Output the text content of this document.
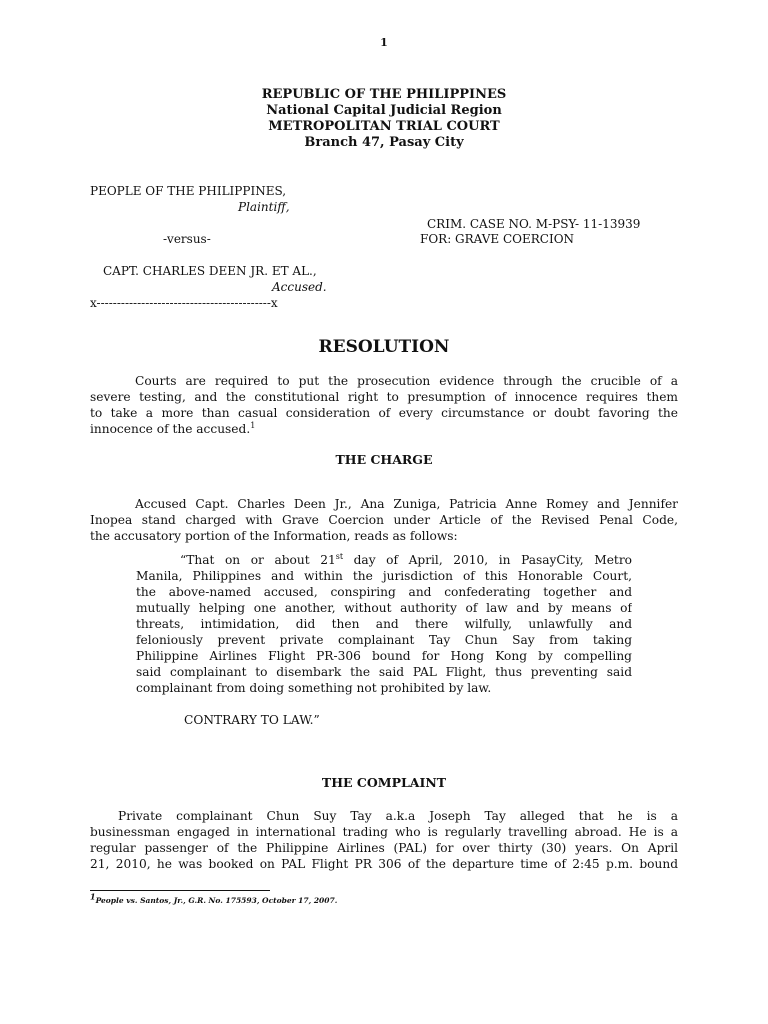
1
REPUBLIC OF THE PHILIPPINES
National Capital Judicial Region
METROPOLITAN TRIAL COURT
Branch 47, Pasay City
PEOPLE OF THE PHILIPPINES,
Plaintiff,
CRIM. CASE NO. M-PSY- 11-13939
-versus-	FOR: GRAVE COERCION
CAPT. CHARLES DEEN JR. ET AL.,
Accused.
x-------------------------------------------x
RESOLUTION
Courts are required to put the prosecution evidence through the crucible of a
severe testing, and the constitutional right to presumption of innocence requires them
to take a more than casual consideration of every circumstance or doubt favoring the
innocence of the accused.$^1$
THE CHARGE
Accused Capt. Charles Deen Jr., Ana Zuniga, Patricia Anne Romey and Jennifer
Inopea stand charged with Grave Coercion under Article of the Revised Penal Code,
the accusatory portion of the Information, reads as follows:
“That on or about 21st day of April, 2010, in PasayCity, Metro
Manila, Philippines and within the jurisdiction of this Honorable Court,
the above-named accused, conspiring and confederating together and
mutually helping one another, without authority of law and by means of
threats, intimidation, did then and there wilfully, unlawfully and
feloniously prevent private complainant Tay Chun Say from taking
Philippine Airlines Flight PR-306 bound for Hong Kong by compelling
said complainant to disembark the said PAL Flight, thus preventing said
complainant from doing something not prohibited by law.
CONTRARY TO LAW.”
THE COMPLAINT
Private complainant Chun Suy Tay a.k.a Joseph Tay alleged that he is a
businessman engaged in international trading who is regularly travelling abroad. He is a
regular passenger of the Philippine Airlines (PAL) for over thirty (30) years. On April
21, 2010, he was booked on PAL Flight PR 306 of the departure time of 2:45 p.m. bound
$^1$People vs. Santos, Jr., G.R. No. 175593, October 17, 2007.
